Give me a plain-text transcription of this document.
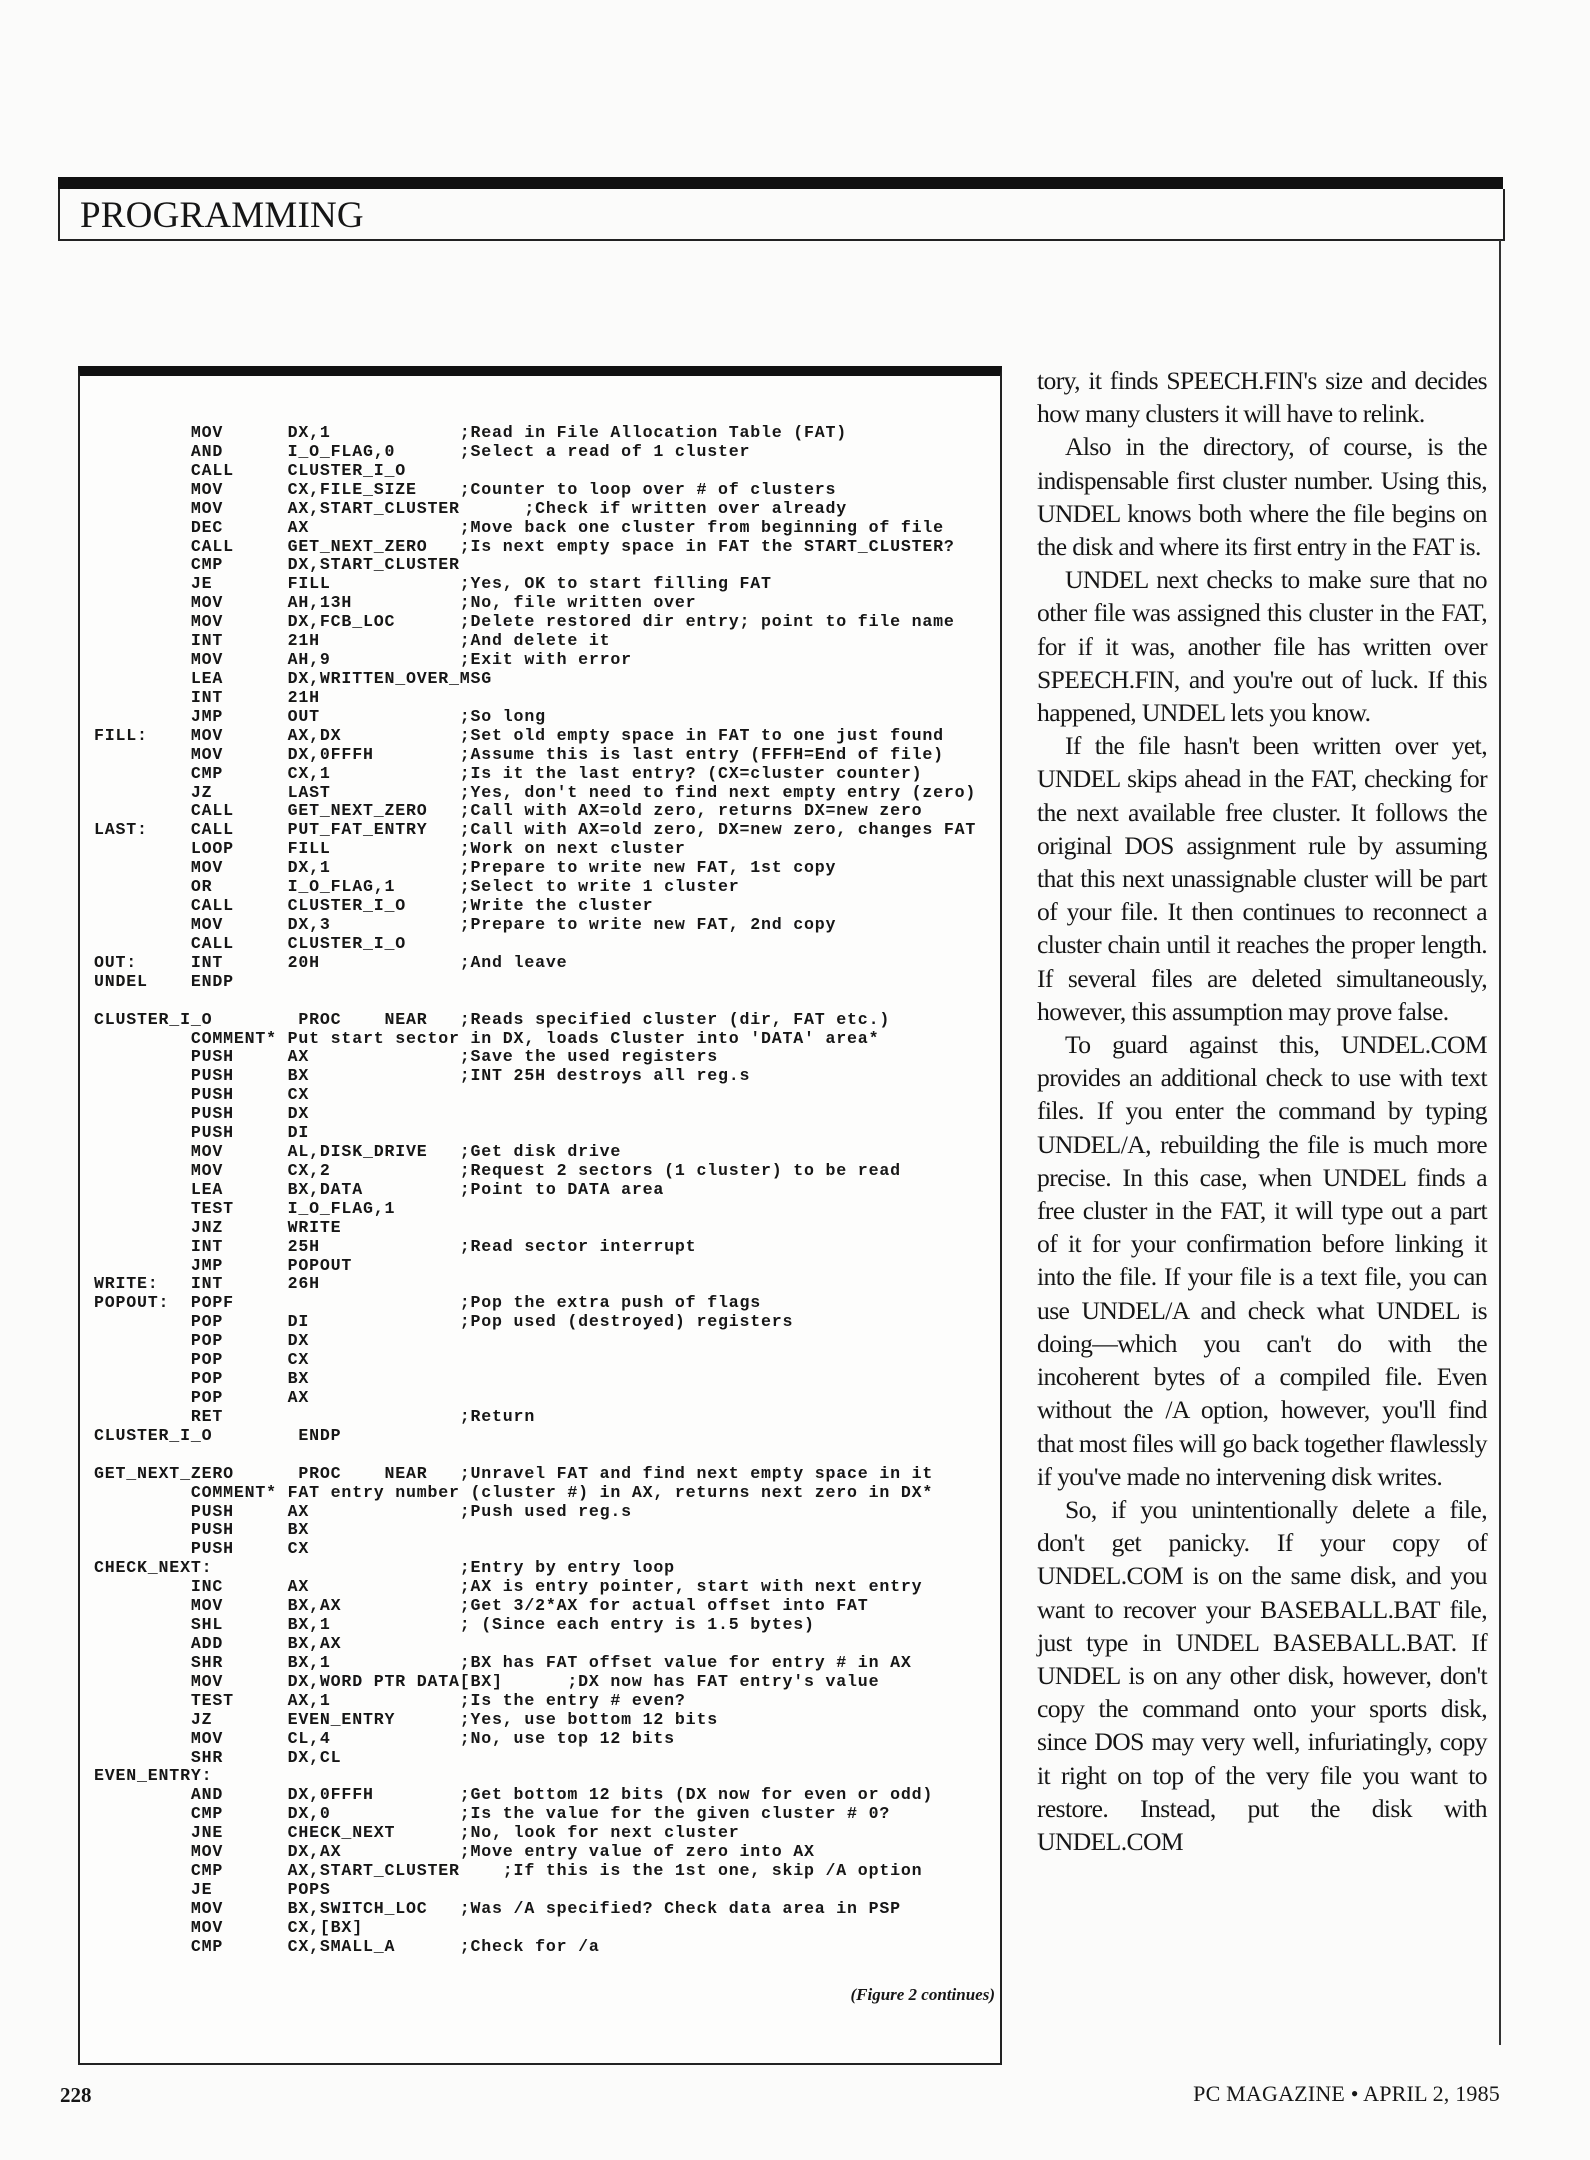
PROGRAMMING
MOV      DX,1            ;Read in File Allocation Table (FAT)
AND      I_O_FLAG,0      ;Select a read of 1 cluster
CALL     CLUSTER_I_O
MOV      CX,FILE_SIZE    ;Counter to loop over # of clusters
MOV      AX,START_CLUSTER      ;Check if written over already
DEC      AX              ;Move back one cluster from beginning of file
CALL     GET_NEXT_ZERO   ;Is next empty space in FAT the START_CLUSTER?
CMP      DX,START_CLUSTER
JE       FILL            ;Yes, OK to start filling FAT
MOV      AH,13H          ;No, file written over
MOV      DX,FCB_LOC      ;Delete restored dir entry; point to file name
INT      21H             ;And delete it
MOV      AH,9            ;Exit with error
LEA      DX,WRITTEN_OVER_MSG
INT      21H
JMP      OUT             ;So long
FILL:    MOV      AX,DX           ;Set old empty space in FAT to one just found
MOV      DX,0FFFH        ;Assume this is last entry (FFFH=End of file)
CMP      CX,1            ;Is it the last entry? (CX=cluster counter)
JZ       LAST            ;Yes, don't need to find next empty entry (zero)
CALL     GET_NEXT_ZERO   ;Call with AX=old zero, returns DX=new zero
LAST:    CALL     PUT_FAT_ENTRY   ;Call with AX=old zero, DX=new zero, changes FAT
LOOP     FILL            ;Work on next cluster
MOV      DX,1            ;Prepare to write new FAT, 1st copy
OR       I_O_FLAG,1      ;Select to write 1 cluster
CALL     CLUSTER_I_O     ;Write the cluster
MOV      DX,3            ;Prepare to write new FAT, 2nd copy
CALL     CLUSTER_I_O
OUT:     INT      20H             ;And leave
UNDEL    ENDP

CLUSTER_I_O        PROC    NEAR   ;Reads specified cluster (dir, FAT etc.)
COMMENT* Put start sector in DX, loads Cluster into 'DATA' area*
PUSH     AX              ;Save the used registers
PUSH     BX              ;INT 25H destroys all reg.s
PUSH     CX
PUSH     DX
PUSH     DI
MOV      AL,DISK_DRIVE   ;Get disk drive
MOV      CX,2            ;Request 2 sectors (1 cluster) to be read
LEA      BX,DATA         ;Point to DATA area
TEST     I_O_FLAG,1
JNZ      WRITE
INT      25H             ;Read sector interrupt
JMP      POPOUT
WRITE:   INT      26H
POPOUT:  POPF                     ;Pop the extra push of flags
POP      DI              ;Pop used (destroyed) registers
POP      DX
POP      CX
POP      BX
POP      AX
RET                      ;Return
CLUSTER_I_O        ENDP

GET_NEXT_ZERO      PROC    NEAR   ;Unravel FAT and find next empty space in it
COMMENT* FAT entry number (cluster #) in AX, returns next zero in DX*
PUSH     AX              ;Push used reg.s
PUSH     BX
PUSH     CX
CHECK_NEXT:                       ;Entry by entry loop
INC      AX              ;AX is entry pointer, start with next entry
MOV      BX,AX           ;Get 3/2*AX for actual offset into FAT
SHL      BX,1            ; (Since each entry is 1.5 bytes)
ADD      BX,AX
SHR      BX,1            ;BX has FAT offset value for entry # in AX
MOV      DX,WORD PTR DATA[BX]      ;DX now has FAT entry's value
TEST     AX,1            ;Is the entry # even?
JZ       EVEN_ENTRY      ;Yes, use bottom 12 bits
MOV      CL,4            ;No, use top 12 bits
SHR      DX,CL
EVEN_ENTRY:
AND      DX,0FFFH        ;Get bottom 12 bits (DX now for even or odd)
CMP      DX,0            ;Is the value for the given cluster # 0?
JNE      CHECK_NEXT      ;No, look for next cluster
MOV      DX,AX           ;Move entry value of zero into AX
CMP      AX,START_CLUSTER    ;If this is the 1st one, skip /A option
JE       POPS
MOV      BX,SWITCH_LOC   ;Was /A specified? Check data area in PSP
MOV      CX,[BX]
CMP      CX,SMALL_A      ;Check for /a
(Figure 2 continues)

tory, it finds SPEECH.FIN's size and decides how many clusters it will have to relink.

Also in the directory, of course, is the indispensable first cluster number. Using this, UNDEL knows both where the file begins on the disk and where its first entry in the FAT is.

UNDEL next checks to make sure that no other file was assigned this cluster in the FAT, for if it was, another file has written over SPEECH.FIN, and you're out of luck. If this happened, UNDEL lets you know.

If the file hasn't been written over yet, UNDEL skips ahead in the FAT, checking for the next available free cluster. It follows the original DOS assignment rule by assuming that this next unassignable cluster will be part of your file. It then continues to reconnect a cluster chain until it reaches the proper length. If several files are deleted simultaneously, however, this assumption may prove false.

To guard against this, UNDEL.COM provides an additional check to use with text files. If you enter the command by typing UNDEL/A, rebuilding the file is much more precise. In this case, when UNDEL finds a free cluster in the FAT, it will type out a part of it for your confirmation before linking it into the file. If your file is a text file, you can use UNDEL/A and check what UNDEL is doing—which you can't do with the incoherent bytes of a compiled file. Even without the /A option, however, you'll find that most files will go back together flawlessly if you've made no intervening disk writes.

So, if you unintentionally delete a file, don't get panicky. If your copy of UNDEL.COM is on the same disk, and you want to recover your BASEBALL.BAT file, just type in UNDEL BASEBALL.BAT. If UNDEL is on any other disk, however, don't copy the command onto your sports disk, since DOS may very well, infuriatingly, copy it right on top of the very file you want to restore. Instead, put the disk with UNDEL.COM

228	PC MAGAZINE • APRIL 2, 1985
